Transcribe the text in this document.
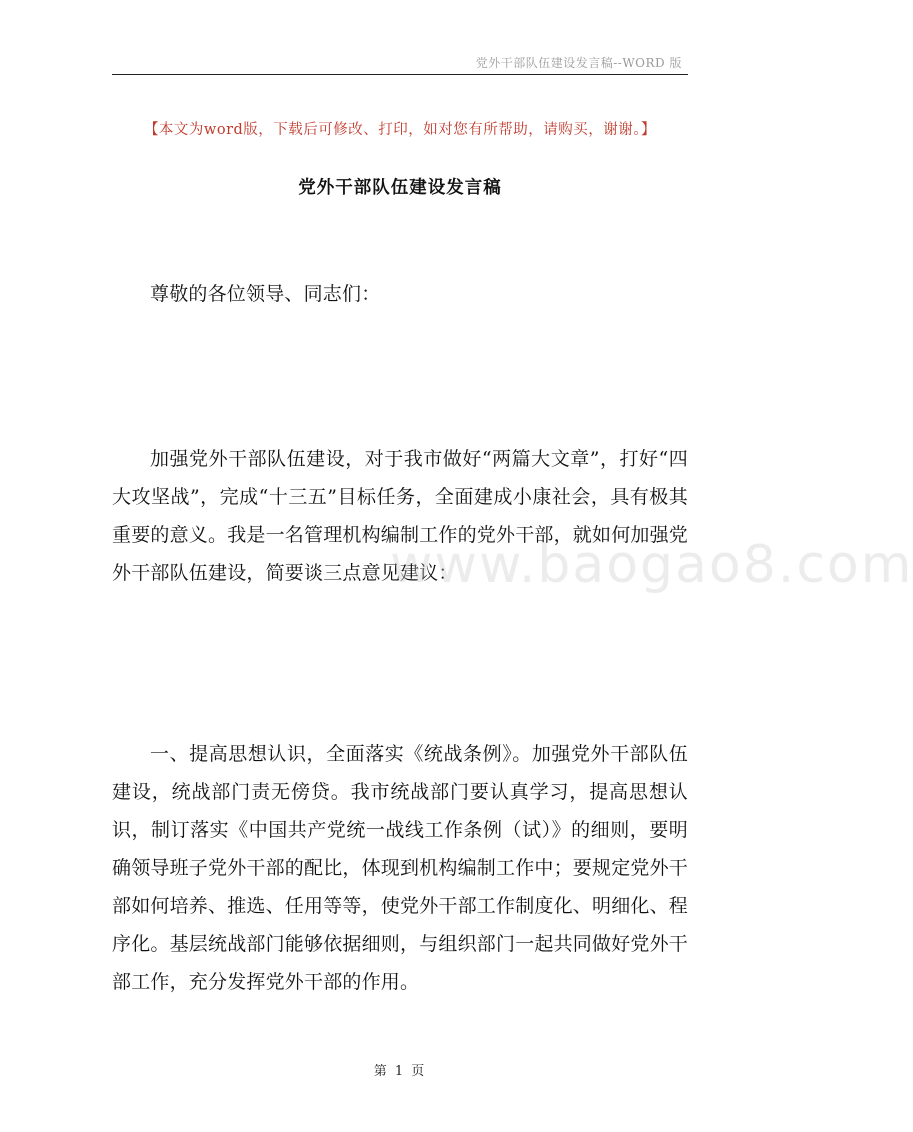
党外干部队伍建设发言稿--WORD 版
【本文为word版，下载后可修改、打印，如对您有所帮助，请购买，谢谢。】
党外干部队伍建设发言稿

尊敬的各位领导、同志们：

加强党外干部队伍建设，对于我市做好“两篇大文章”，打好“四大攻坚战”，完成“十三五”目标任务，全面建成小康社会，具有极其重要的意义。我是一名管理机构编制工作的党外干部，就如何加强党外干部队伍建设，简要谈三点意见建议：

www.baogao8.com

一、提高思想认识，全面落实《统战条例》。加强党外干部队伍建设，统战部门责无傍贷。我市统战部门要认真学习，提高思想认识，制订落实《中国共产党统一战线工作条例（试）》的细则，要明确领导班子党外干部的配比，体现到机构编制工作中；要规定党外干部如何培养、推选、任用等等，使党外干部工作制度化、明细化、程序化。基层统战部门能够依据细则，与组织部门一起共同做好党外干部工作，充分发挥党外干部的作用。

第 1 页
